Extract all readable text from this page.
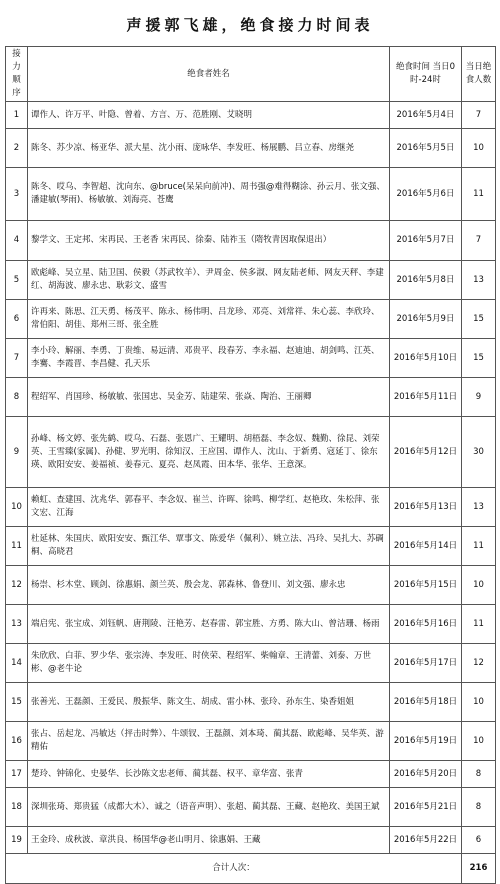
声援郭飞雄，绝食接力时间表
接力顺序	绝食者姓名	绝食时间 当日0时-24时	当日绝食人数
1	谭作人、许万平、叶隐、曾着、方言、万、范胜刚、艾晓明	2016年5月4日	7
2	陈冬、苏少凉、杨亚华、派大星、沈小雨、庞咏华、李发旺、杨展鹏、吕立春、房继尧	2016年5月5日	10
3	陈冬、哎乌、李智超、沈向东、@bruce(呆呆向前冲)、周书强@难得糊涂、孙云月、张文强、潘建敏(琴雨)、杨敏敏、刘海亮、苍鹰	2016年5月6日	11
4	黎学文、王定邦、宋再民、王老香 宋再民、徐秦、陆祚玉（隋牧青因取保退出）	2016年5月7日	7
5	欧彪峰、吴立星、陆卫国、侯毅（苏武牧羊）、尹周金、侯多淑、网友陆老师、网友天秤、李建红、胡海波、廖永忠、耿彩文、盛雪	2016年5月8日	13
6	许再来、陈思、江天勇、杨茂平、陈永、杨伟明、吕龙珍、邓亮、刘常祥、朱心蕊、李欣玲、常伯阳、胡佳、郑州三哥、张全胜	2016年5月9日	15
7	李小玲、解丽、李勇、丁贵维、易远清、邓贵平、段春芳、李永福、赵迪迪、胡剑鸣、江英、李騫、李霞晋、李昌健、孔天乐	2016年5月10日	15
8	程绍军、肖国珍、杨敏敏、张国忠、吴金芳、陆建荣、张焱、陶治、王丽卿	2016年5月11日	9
9	孙峰、杨文婷、张先鹤、哎乌、石磊、张恩广、王耀明、胡梧磊、李念奴、魏勤、徐昆、刘荣英、王雪臻(家属)、孙健、罗光明、徐知汉、王应国、谭作人、沈山、于新勇、寇延丁、徐东瑛、欧阳安安、姜福祯、姜春元、夏亮、赵凤霞、田本华、张华、王意深。	2016年5月12日	30
10	赖虹、查建国、沈兆华、郭春平、李念奴、崔兰、许晖、徐鸣、柳学红、赵艳玫、朱松萍、张文宏、江海	2016年5月13日	13
11	杜延林、朱国庆、欧阳安安、甄江华、覃事文、陈爱华（佩利）、姚立法、冯玲、吴扎大、苏碉桐、高晓君	2016年5月14日	11
12	杨崇、杉木堂、顾剑、徐惠娟、颜兰英、殷会龙、郭森林、鲁登川、刘文强、廖永忠	2016年5月15日	10
13	端启宪、张宝成、刘钰帆、唐荆陵、汪艳芳、赵春雷、郭宝胜、方勇、陈大山、曾洁珊、杨雨	2016年5月16日	11
14	朱欣欣、白菲、罗少华、张宗涛、李发旺、时侠荣、程绍军、柴翰章、王清蕾、刘泰、万世彬、@老牛论	2016年5月17日	12
15	张善光、王磊颜、王爱民、殷振华、陈文生、胡成、雷小林、张玲、孙东生、染香姐姐	2016年5月18日	10
16	张占、岳起龙、冯敏达（抨击时弊）、牛颂钗、王磊颜、刘本琦、蔺其磊、欧彪峰、吴华英、游精佑	2016年5月19日	10
17	楚玲、钟锦化、史晏华、长沙陈文忠老师、蔺其磊、权平、章华富、张青	2016年5月20日	8
18	深圳张琦、郑贵猛（成都大木）、诚之（语音声明）、张超、蔺其磊、王藏、赵艳玫、美国王斌	2016年5月21日	8
19	王金玲、成秋波、章洪良、杨国华@老山明月、徐惠娟、王藏	2016年5月22日	6
合计人次：			216
